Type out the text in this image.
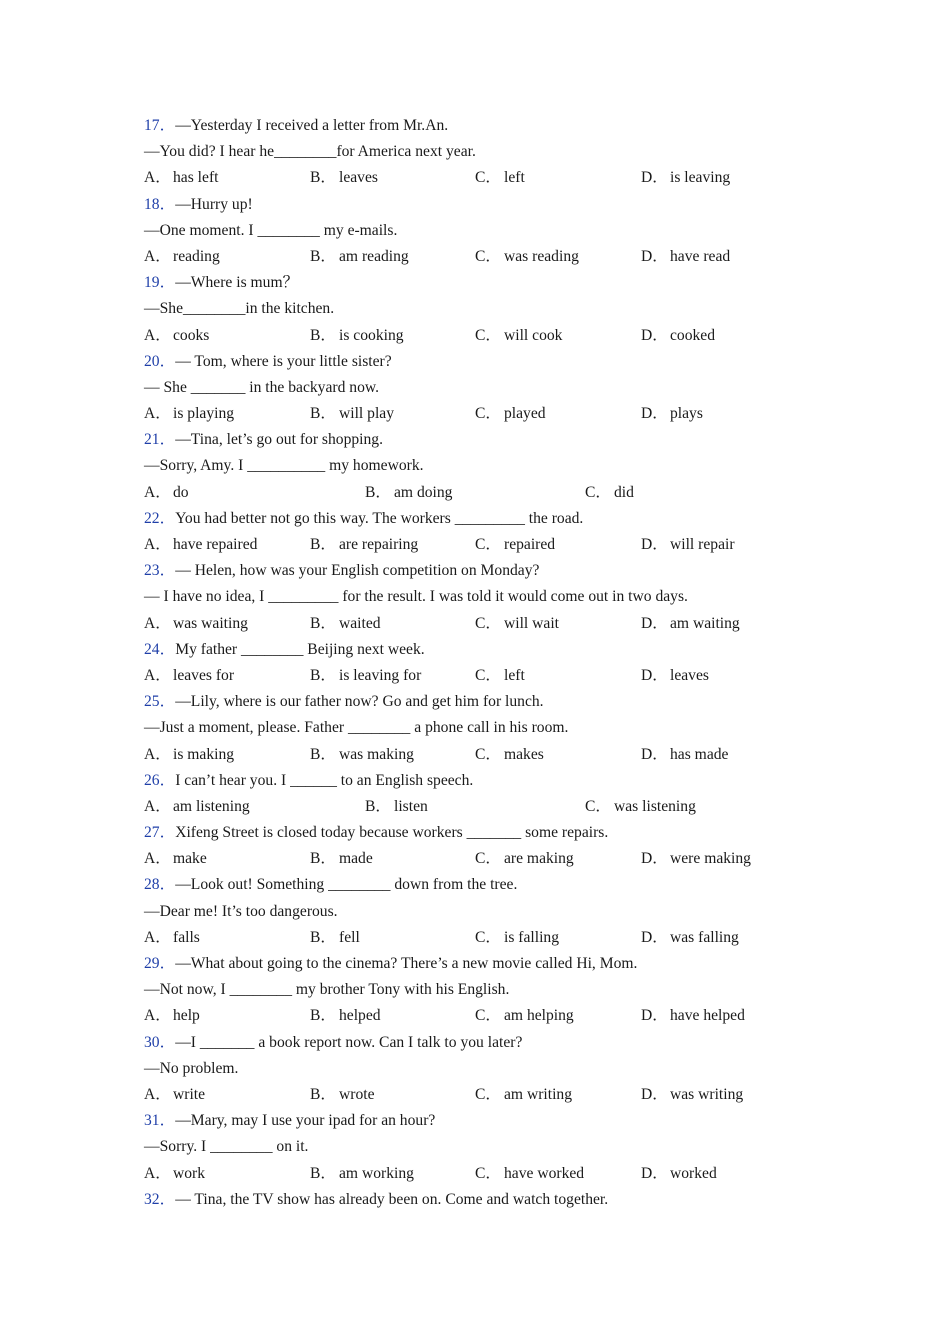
17．—Yesterday I received a letter from Mr.An.
—You did? I hear he________for America next year.
A． has left	B． leaves	C． left	D． is leaving
18．—Hurry up!
—One moment. I ________ my e-mails.
A． reading	B． am reading	C． was reading	D． have read
19．—Where is mum？
—She________in the kitchen.
A． cooks	B． is cooking	C． will cook	D． cooked
20．— Tom, where is your little sister?
— She _______ in the backyard now.
A． is playing	B． will play	C． played	D． plays
21．—Tina, let’s go out for shopping.
—Sorry, Amy. I __________ my homework.
A． do	B． am doing	C． did
22．You had better not go this way. The workers _________ the road.
A． have repaired	B． are repairing	C． repaired	D． will repair
23．— Helen, how was your English competition on Monday?
— I have no idea, I _________ for the result. I was told it would come out in two days.
A． was waiting	B． waited	C． will wait	D． am waiting
24．My father ________ Beijing next week.
A． leaves for	B． is leaving for	C． left	D． leaves
25．—Lily, where is our father now? Go and get him for lunch.
—Just a moment, please. Father ________ a phone call in his room.
A． is making	B． was making	C． makes	D． has made
26．I can’t hear you. I ______ to an English speech.
A． am listening	B． listen	C． was listening
27．Xifeng Street is closed today because workers _______ some repairs.
A． make	B． made	C． are making	D． were making
28．—Look out! Something ________ down from the tree.
—Dear me! It’s too dangerous.
A． falls	B． fell	C． is falling	D． was falling
29．—What about going to the cinema? There’s a new movie called Hi, Mom.
—Not now, I ________ my brother Tony with his English.
A． help	B． helped	C． am helping	D． have helped
30．—I _______ a book report now. Can I talk to you later?
—No problem.
A． write	B． wrote	C． am writing	D． was writing
31．—Mary, may I use your ipad for an hour?
—Sorry. I ________ on it.
A． work	B． am working	C． have worked	D． worked
32．— Tina, the TV show has already been on. Come and watch together.
